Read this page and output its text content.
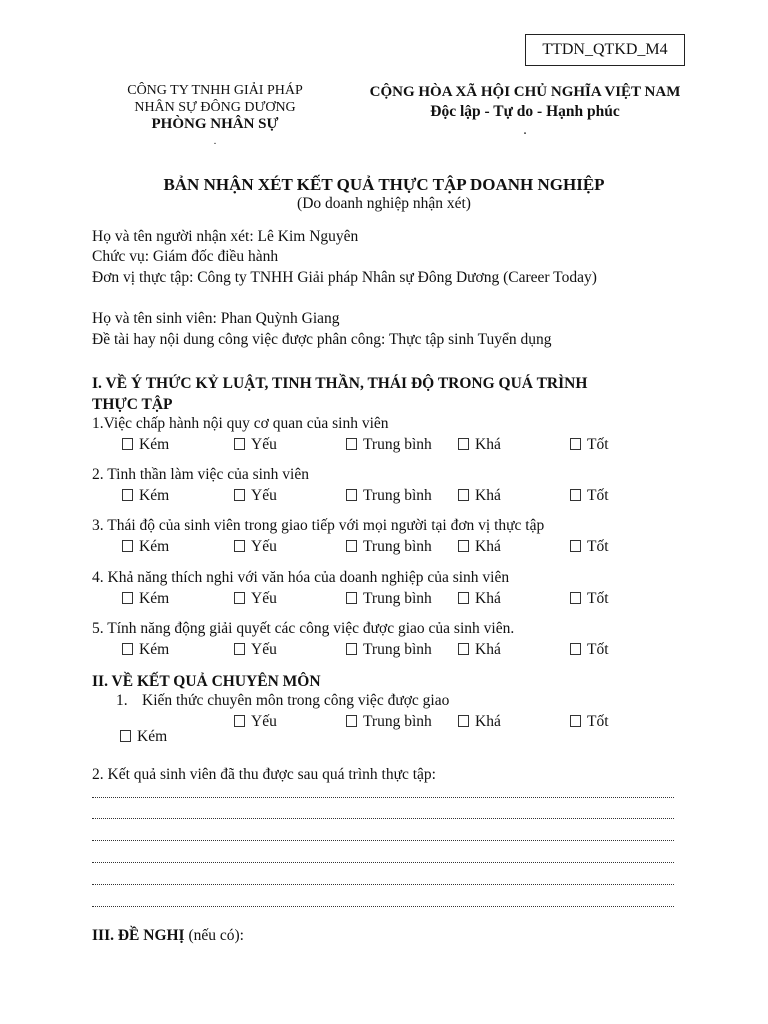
TTDN_QTKD_M4
CÔNG TY TNHH GIẢI PHÁP
NHÂN SỰ ĐÔNG DƯƠNG
PHÒNG NHÂN SỰ
.
CỘNG HÒA XÃ HỘI CHỦ NGHĨA VIỆT NAM
Độc lập - Tự do - Hạnh phúc
.
BẢN NHẬN XÉT KẾT QUẢ THỰC TẬP DOANH NGHIỆP
(Do doanh nghiệp nhận xét)
Họ và tên người nhận xét: Lê Kim Nguyên
Chức vụ: Giám đốc điều hành
Đơn vị thực tập: Công ty TNHH Giải pháp Nhân sự Đông Dương (Career Today)
Họ và tên sinh viên: Phan Quỳnh Giang
Đề tài hay nội dung công việc được phân công: Thực tập sinh Tuyển dụng
I. VỀ Ý THỨC KỶ LUẬT, TINH THẦN, THÁI ĐỘ TRONG QUÁ TRÌNH
THỰC TẬP
1.Việc chấp hành nội quy cơ quan của sinh viên
Kém	Yếu	Trung bình	Khá	Tốt
2. Tinh thần làm việc của sinh viên
Kém	Yếu	Trung bình	Khá	Tốt
3. Thái độ của sinh viên trong giao tiếp với mọi người tại đơn vị thực tập
Kém	Yếu	Trung bình	Khá	Tốt
4. Khả năng thích nghi với văn hóa của doanh nghiệp của sinh viên
Kém	Yếu	Trung bình	Khá	Tốt
5. Tính năng động giải quyết các công việc được giao của sinh viên.
Kém	Yếu	Trung bình	Khá	Tốt
II. VỀ KẾT QUẢ CHUYÊN MÔN
1. Kiến thức chuyên môn trong công việc được giao
Yếu	Trung bình	Khá	Tốt
Kém
2. Kết quả sinh viên đã thu được sau quá trình thực tập:
III. ĐỀ NGHỊ (nếu có):
